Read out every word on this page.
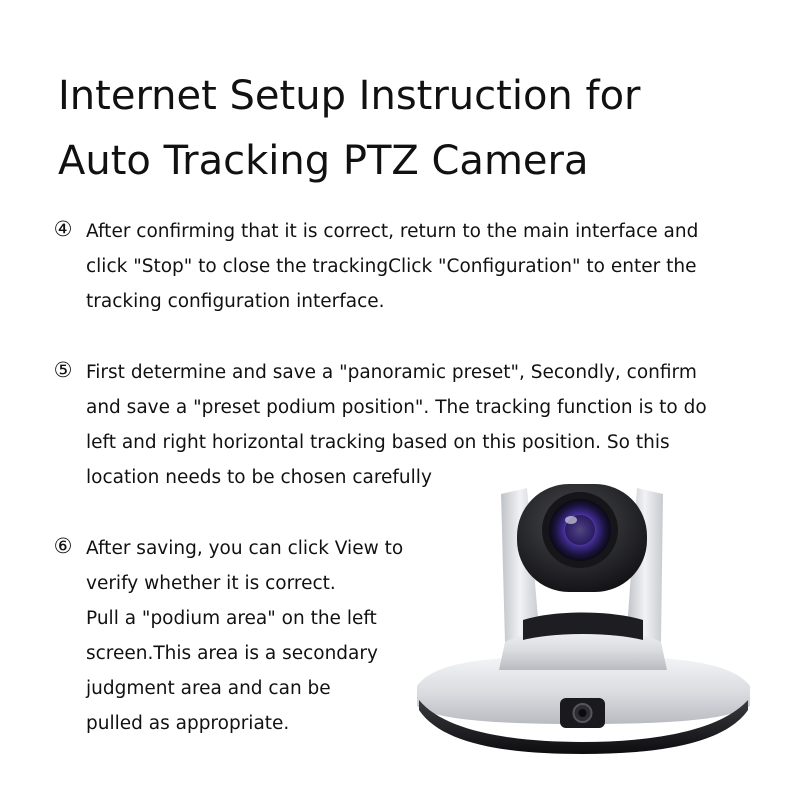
Internet Setup Instruction for
Auto Tracking PTZ Camera
④ After confirming that it is correct, return to the main interface and
click "Stop" to close the trackingClick "Configuration" to enter the
tracking configuration interface.
⑤ First determine and save a "panoramic preset", Secondly, confirm
and save a "preset podium position". The tracking function is to do
left and right horizontal tracking based on this position. So this
location needs to be chosen carefully
⑥ After saving, you can click View to
verify whether it is correct.
Pull a "podium area" on the left
screen.This area is a secondary
judgment area and can be
pulled as appropriate.
